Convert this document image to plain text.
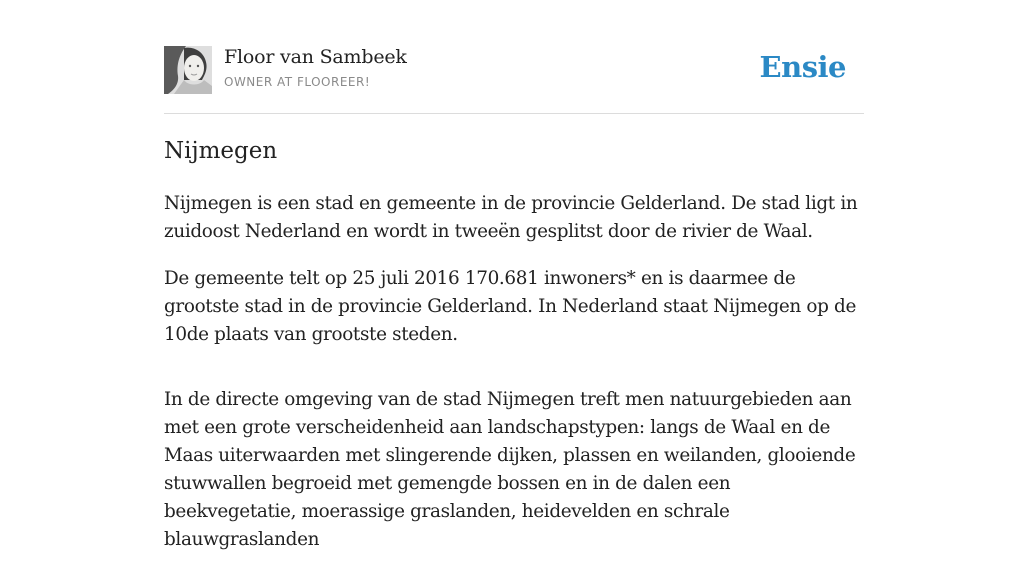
Floor van Sambeek
OWNER AT FLOOREER!	Ensie
Nijmegen

Nijmegen is een stad en gemeente in de provincie Gelderland. De stad ligt in zuidoost Nederland en wordt in tweeën gesplitst door de rivier de Waal.

De gemeente telt op 25 juli 2016 170.681 inwoners* en is daarmee de grootste stad in de provincie Gelderland. In Nederland staat Nijmegen op de 10de plaats van grootste steden.

In de directe omgeving van de stad Nijmegen treft men natuurgebieden aan met een grote verscheidenheid aan landschapstypen: langs de Waal en de Maas uiterwaarden met slingerende dijken, plassen en weilanden, glooiende stuwwallen begroeid met gemengde bossen en in de dalen een beekvegetatie, moerassige graslanden, heidevelden en schrale blauwgraslanden
